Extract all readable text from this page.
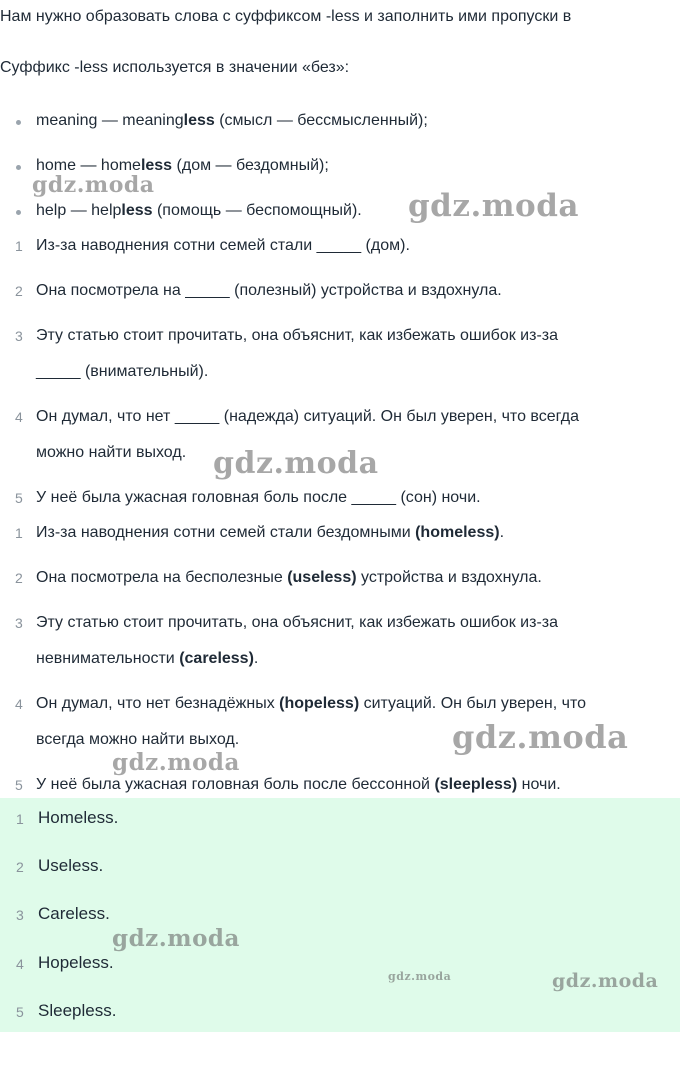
Нам нужно образовать слова с суффиксом -less и заполнить ими пропуски в

Суффикс -less используется в значении «без»:

meaning — meaningless (смысл — бессмысленный);
home — homeless (дом — бездомный);
help — helpless (помощь — беспомощный).
1 Из-за наводнения сотни семей стали _____ (дом).
2 Она посмотрела на _____ (полезный) устройства и вздохнула.
3 Эту статью стоит прочитать, она объяснит, как избежать ошибок из-за
_____ (внимательный).
4 Он думал, что нет _____ (надежда) ситуаций. Он был уверен, что всегда
можно найти выход.
5 У неё была ужасная головная боль после _____ (сон) ночи.
1 Из-за наводнения сотни семей стали бездомными (homeless).
2 Она посмотрела на бесполезные (useless) устройства и вздохнула.
3 Эту статью стоит прочитать, она объяснит, как избежать ошибок из-за
невнимательности (careless).
4 Он думал, что нет безнадёжных (hopeless) ситуаций. Он был уверен, что
всегда можно найти выход.
5 У неё была ужасная головная боль после бессонной (sleepless) ночи.
1 Homeless.
2 Useless.
3 Careless.
4 Hopeless.
5 Sleepless.
gdz.moda
gdz.moda
gdz.moda
gdz.moda
gdz.moda
gdz.moda
gdz.moda	gdz.moda
